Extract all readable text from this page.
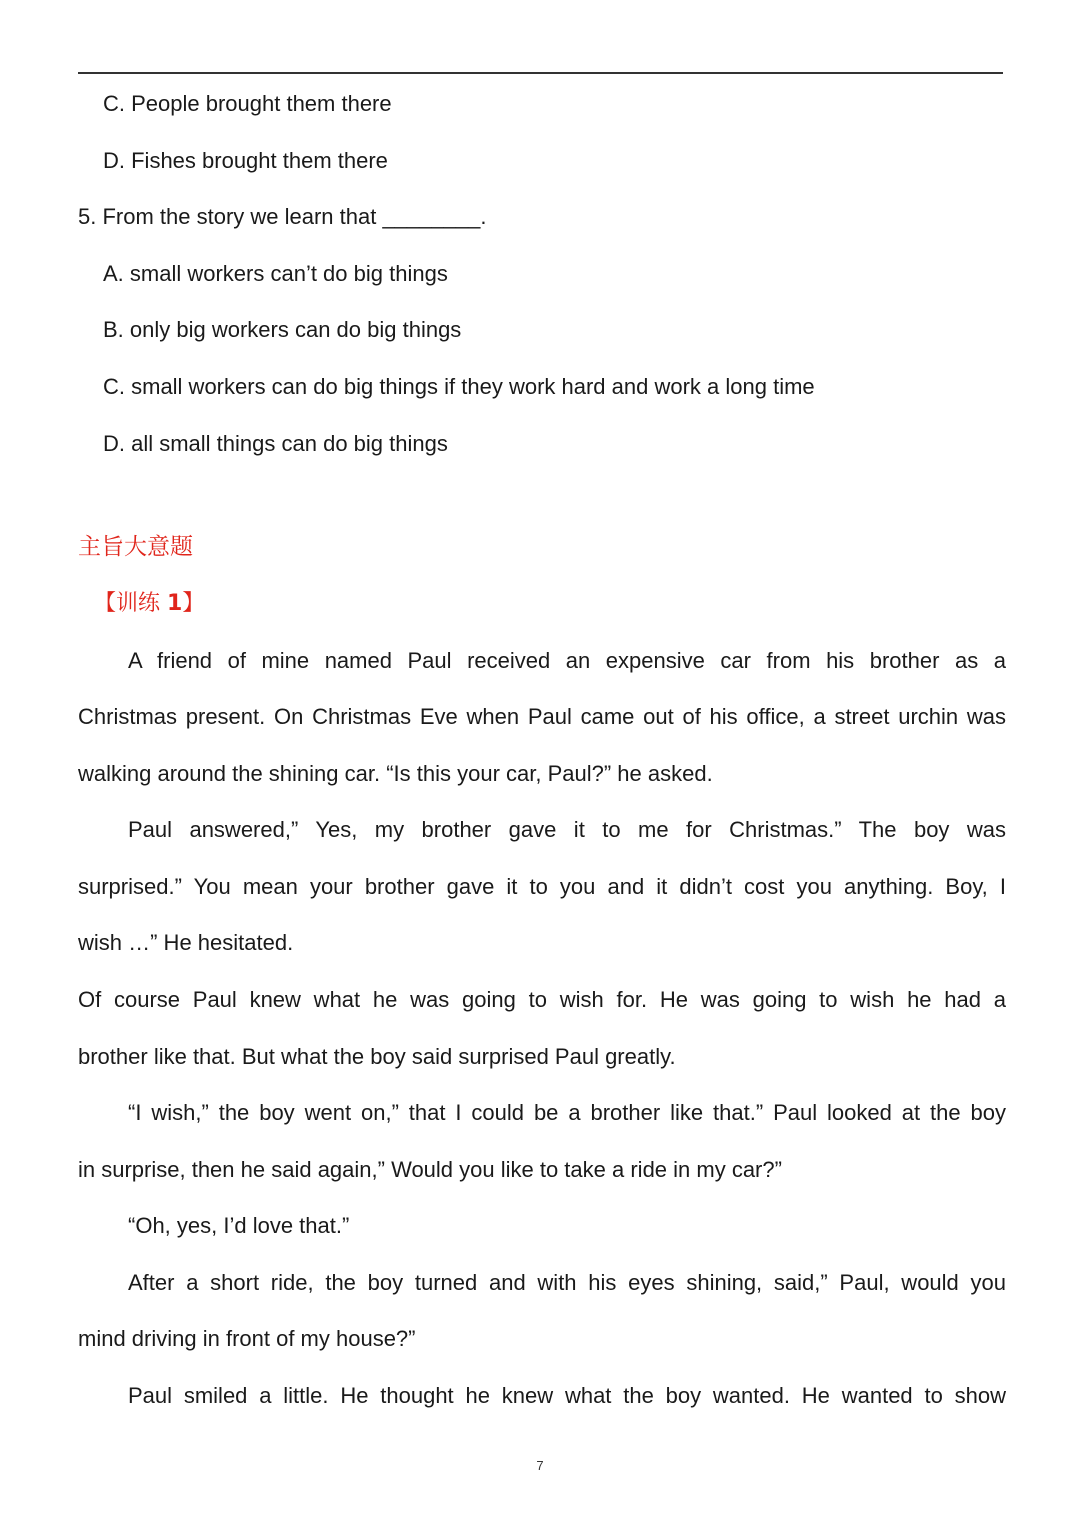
C. People brought them there
D. Fishes brought them there
5. From the story we learn that ________.
A. small workers can’t do big things
B. only big workers can do big things
C. small workers can do big things if they work hard and work a long time
D. all small things can do big things
主旨大意题
【训练 1】
A friend of mine named Paul received an expensive car from his brother as a
Christmas present. On Christmas Eve when Paul came out of his office, a street urchin was
walking around the shining car. “Is this your car, Paul?” he asked.
Paul answered,” Yes, my brother gave it to me for Christmas.” The boy was
surprised.” You mean your brother gave it to you and it didn’t cost you anything. Boy, I
wish …” He hesitated.
Of course Paul knew what he was going to wish for. He was going to wish he had a
brother like that. But what the boy said surprised Paul greatly.
“I wish,” the boy went on,” that I could be a brother like that.” Paul looked at the boy
in surprise, then he said again,” Would you like to take a ride in my car?”
“Oh, yes, I’d love that.”
After a short ride, the boy turned and with his eyes shining, said,” Paul, would you
mind driving in front of my house?”
Paul smiled a little. He thought he knew what the boy wanted. He wanted to show
7
